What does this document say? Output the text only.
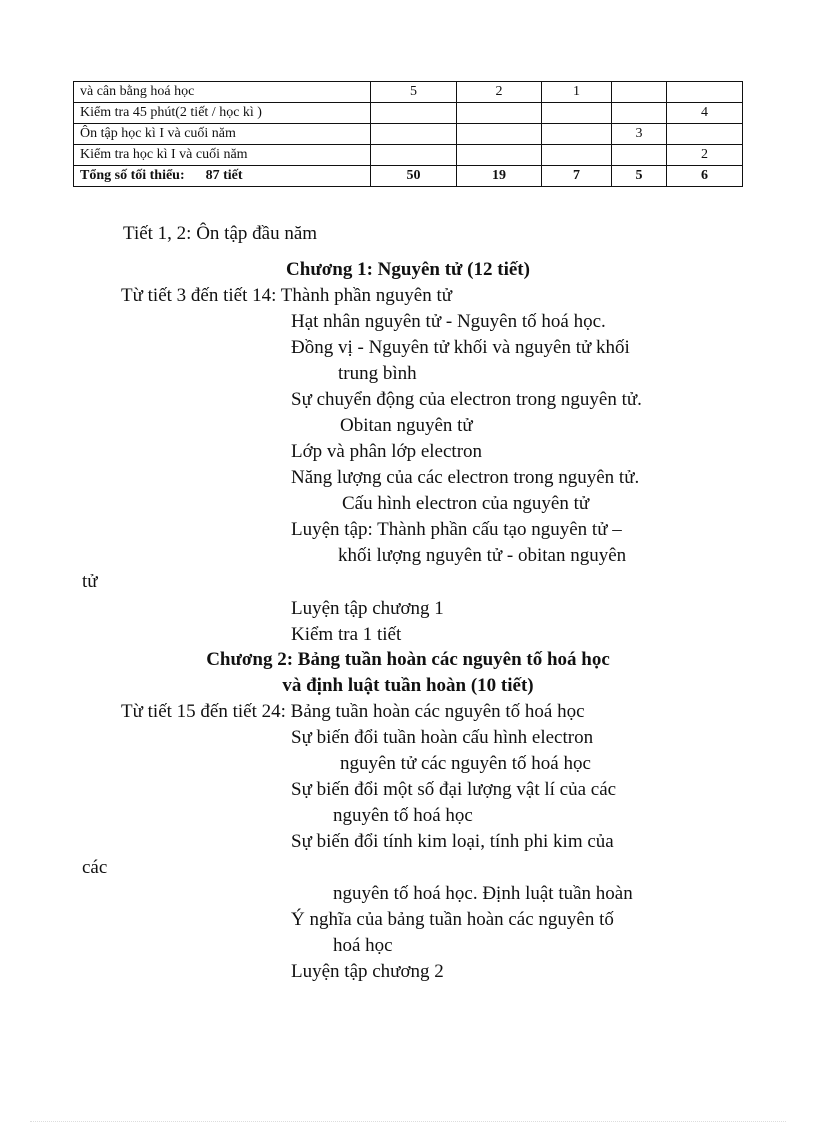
và cân bằng hoá học	5	2	1		
Kiểm tra 45 phút(2 tiết / học kì )					4
Ôn tập học kì I và cuối năm				3	
Kiểm tra học kì I và cuối năm					2
Tổng số tối thiểu:      87 tiết	50	19	7	5	6
Tiết 1, 2: Ôn tập đầu năm
Chương 1: Nguyên tử (12 tiết)
Từ tiết 3 đến tiết 14: Thành phần nguyên tử
Hạt nhân nguyên tử - Nguyên tố hoá học.
Đồng vị - Nguyên tử khối và nguyên tử khối
trung bình
Sự chuyển động của electron trong nguyên tử.
Obitan nguyên tử
Lớp và phân lớp electron
Năng lượng của các electron trong nguyên tử.
Cấu hình electron của nguyên tử
Luyện tập: Thành phần cấu tạo nguyên tử –
khối lượng nguyên tử - obitan nguyên
tử
Luyện tập chương 1
Kiểm tra 1 tiết
Chương 2: Bảng tuần hoàn các nguyên tố hoá học
và định luật tuần hoàn (10 tiết)
Từ tiết 15 đến tiết 24: Bảng tuần hoàn các nguyên tố hoá học
Sự biến đổi tuần hoàn cấu hình electron
nguyên tử các nguyên tố hoá học
Sự biến đổi một số đại lượng vật lí của các
nguyên tố hoá học
Sự biến đổi tính kim loại, tính phi kim của
các
nguyên tố hoá học. Định luật tuần hoàn
Ý nghĩa của bảng tuần hoàn các nguyên tố
hoá học
Luyện tập chương 2
